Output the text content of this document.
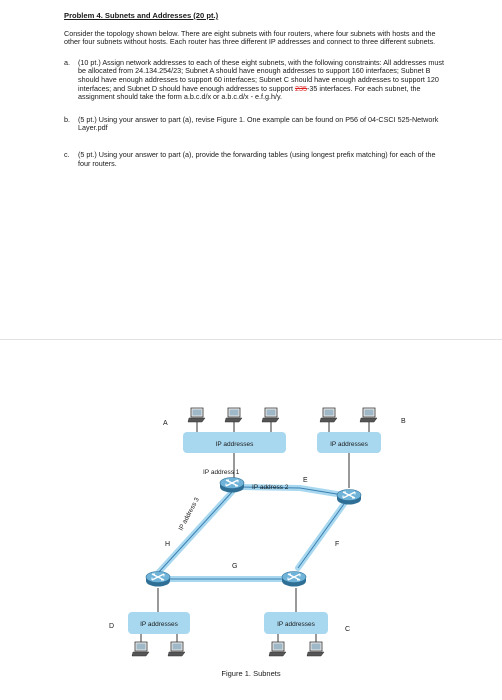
Problem 4. Subnets and Addresses (20 pt.)

Consider the topology shown below. There are eight subnets with four routers, where four subnets with hosts and the other four subnets without hosts. Each router has three different IP addresses and connect to three different subnets.

a. (10 pt.) Assign network addresses to each of these eight subnets, with the following constraints: All addresses must be allocated from 24.134.254/23; Subnet A should have enough addresses to support 160 interfaces; Subnet B should have enough addresses to support 60 interfaces; Subnet C should have enough addresses to support 120 interfaces; and Subnet D should have enough addresses to support 235-35 interfaces. For each subnet, the assignment should take the form a.b.c.d/x or a.b.c.d/x - e.f.g.h/y.

b. (5 pt.) Using your answer to part (a), revise Figure 1. One example can be found on P56 of 04-CSCI 525-Network Layer.pdf

c. (5 pt.) Using your answer to part (a), provide the forwarding tables (using longest prefix matching) for each of the four routers.

IP addresses	IP addresses
IP addresses	IP addresses
A	B
C
D
E
F
G
H
IP address 1
IP address 2
IP address 3
Figure 1. Subnets
